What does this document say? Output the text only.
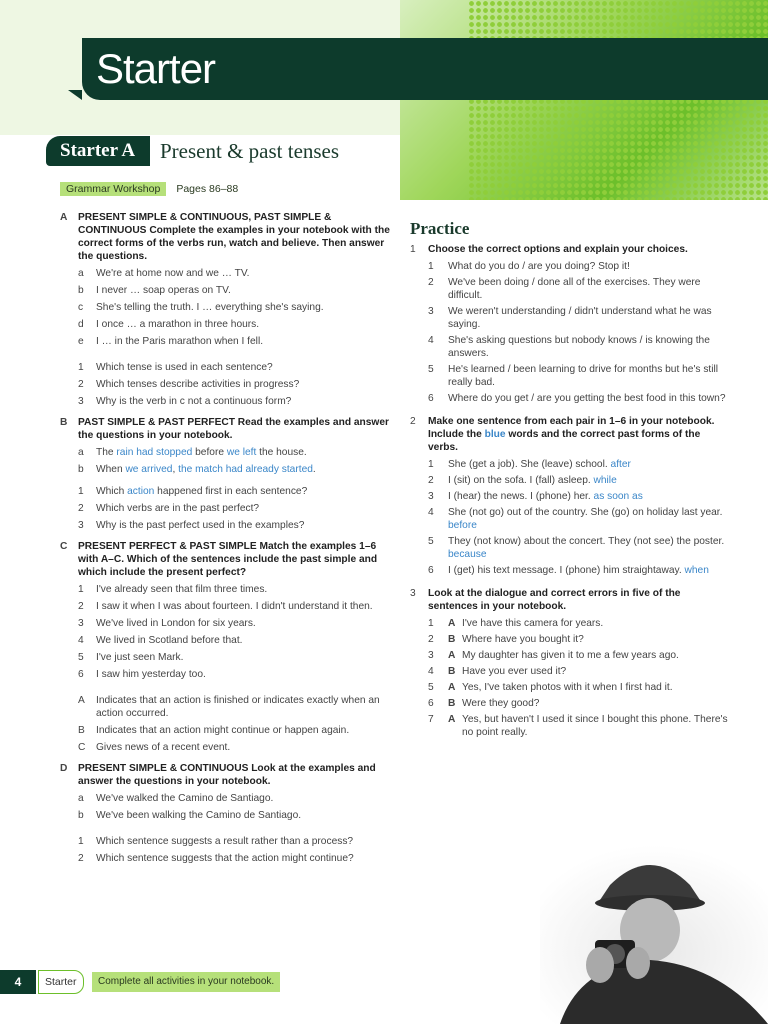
Starter
Starter A Present & past tenses
Grammar Workshop Pages 86–88
A	PRESENT SIMPLE & CONTINUOUS, PAST SIMPLE & CONTINUOUS Complete the examples in your notebook with the correct forms of the verbs run, watch and believe. Then answer the questions.
a	We're at home now and we … TV.
b	I never … soap operas on TV.
c	She's telling the truth. I … everything she's saying.
d	I once … a marathon in three hours.
e	I … in the Paris marathon when I fell.
1	Which tense is used in each sentence?
2	Which tenses describe activities in progress?
3	Why is the verb in c not a continuous form?
B	PAST SIMPLE & PAST PERFECT Read the examples and answer the questions in your notebook.
a	The rain had stopped before we left the house.
b	When we arrived, the match had already started.
1	Which action happened first in each sentence?
2	Which verbs are in the past perfect?
3	Why is the past perfect used in the examples?
C	PRESENT PERFECT & PAST SIMPLE Match the examples 1–6 with A–C. Which of the sentences include the past simple and which include the present perfect?
1	I've already seen that film three times.
2	I saw it when I was about fourteen. I didn't understand it then.
3	We've lived in London for six years.
4	We lived in Scotland before that.
5	I've just seen Mark.
6	I saw him yesterday too.
A	Indicates that an action is finished or indicates exactly when an action occurred.
B	Indicates that an action might continue or happen again.
C	Gives news of a recent event.
D	PRESENT SIMPLE & CONTINUOUS Look at the examples and answer the questions in your notebook.
a	We've walked the Camino de Santiago.
b	We've been walking the Camino de Santiago.
1	Which sentence suggests a result rather than a process?
2	Which sentence suggests that the action might continue?
Practice
1	Choose the correct options and explain your choices.
1	What do you do / are you doing? Stop it!
2	We've been doing / done all of the exercises. They were difficult.
3	We weren't understanding / didn't understand what he was saying.
4	She's asking questions but nobody knows / is knowing the answers.
5	He's learned / been learning to drive for months but he's still really bad.
6	Where do you get / are you getting the best food in this town?
2	Make one sentence from each pair in 1–6 in your notebook. Include the blue words and the correct past forms of the verbs.
1	She (get a job). She (leave) school. after
2	I (sit) on the sofa. I (fall) asleep. while
3	I (hear) the news. I (phone) her. as soon as
4	She (not go) out of the country. She (go) on holiday last year. before
5	They (not know) about the concert. They (not see) the poster. because
6	I (get) his text message. I (phone) him straightaway. when
3	Look at the dialogue and correct errors in five of the sentences in your notebook.
1	A I've have this camera for years.
2	B Where have you bought it?
3	A My daughter has given it to me a few years ago.
4	B Have you ever used it?
5	A Yes, I've taken photos with it when I first had it.
6	B Were they good?
7	A Yes, but haven't I used it since I bought this phone. There's no point really.
4	Starter	Complete all activities in your notebook.
